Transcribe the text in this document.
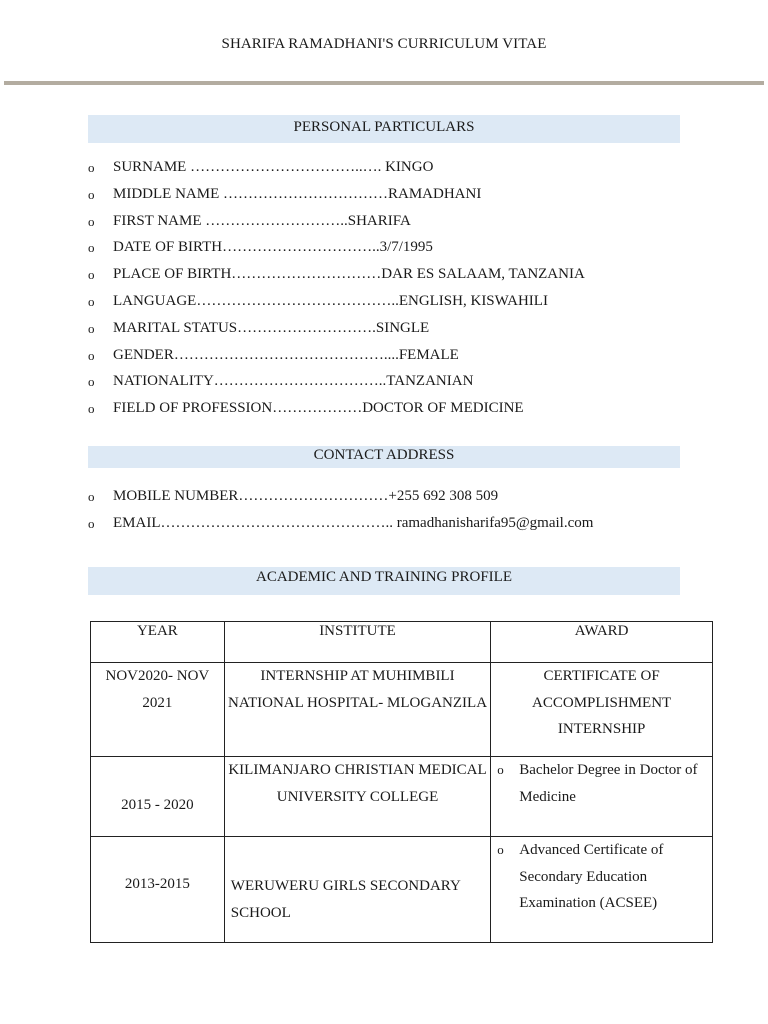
SHARIFA RAMADHANI'S CURRICULUM VITAE
PERSONAL PARTICULARS
o	SURNAME ……………………………..…. KINGO
o	MIDDLE NAME ……………………………RAMADHANI
o	FIRST NAME ………………………..SHARIFA
o	DATE OF BIRTH…………………………..3/7/1995
o	PLACE OF BIRTH…………………………DAR ES SALAAM, TANZANIA
o	LANGUAGE…………………………………..ENGLISH, KISWAHILI
o	MARITAL STATUS……………………….SINGLE
o	GENDER……………………………………....FEMALE
o	NATIONALITY……………………………..TANZANIAN
o	FIELD OF PROFESSION………………DOCTOR OF MEDICINE
CONTACT ADDRESS
o	MOBILE NUMBER…………………………+255 692 308 509
o	EMAIL……………………………………….. ramadhanisharifa95@gmail.com
ACADEMIC AND TRAINING PROFILE
YEAR	INSTITUTE	AWARD
NOV2020- NOV 2021	INTERNSHIP AT MUHIMBILI NATIONAL HOSPITAL- MLOGANZILA	CERTIFICATE OF ACCOMPLISHMENT INTERNSHIP
2015 - 2020	KILIMANJARO CHRISTIAN MEDICAL UNIVERSITY COLLEGE	o Bachelor Degree in Doctor of Medicine

2013-2015	WERUWERU GIRLS SECONDARY SCHOOL	o Advanced Certificate of Secondary Education Examination (ACSEE)
